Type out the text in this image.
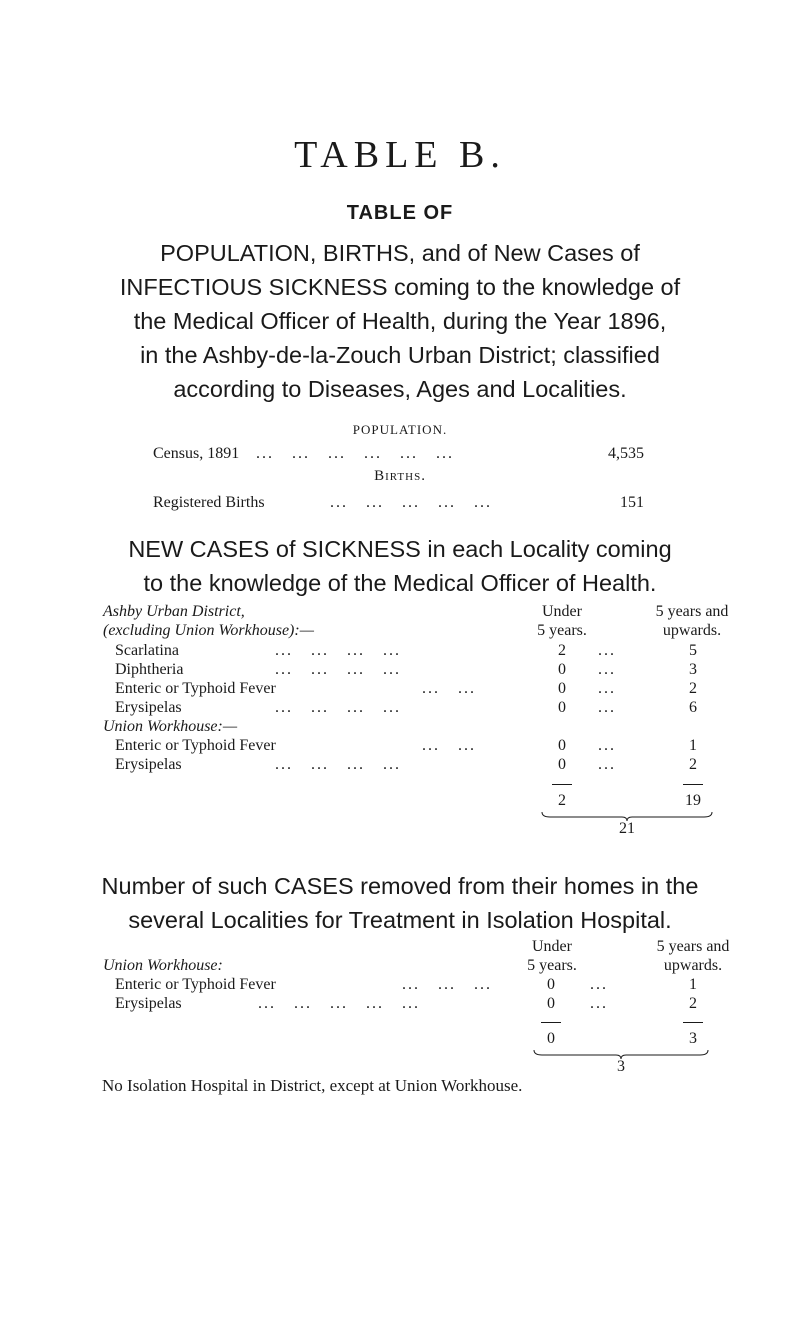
TABLE B.
TABLE OF
POPULATION, BIRTHS, and of New Cases of
INFECTIOUS SICKNESS coming to the knowledge of
the Medical Officer of Health, during the Year 1896,
in the Ashby-de-la-Zouch Urban District; classified
according to Diseases, Ages and Localities.
POPULATION.
Census, 1891 ...   ...   ...   ...   ...   ...	4,535
Births.
Registered Births	...   ...   ...   ...   ...	151
NEW CASES of SICKNESS in each Locality coming
to the knowledge of the Medical Officer of Health.
Ashby Urban District,
(excluding Union Workhouse):—
Under
5 years.
5 years and
upwards.
Scarlatina	...   ...   ...   ...	2	...	5
Diphtheria	...   ...   ...   ...	0	...	3
Enteric or Typhoid Fever	...   ...	0	...	2
Erysipelas	...   ...   ...   ...	0	...	6
Union Workhouse:—
Enteric or Typhoid Fever	...   ...	0	...	1
Erysipelas	...   ...   ...   ...	0	...	2
2	19
21
Number of such CASES removed from their homes in the
several Localities for Treatment in Isolation Hospital.
Under
5 years.
5 years and
upwards.
Union Workhouse:
Enteric or Typhoid Fever	...   ...   ...	0	...	1
Erysipelas	...   ...   ...   ...   ...	0	...	2
0	3
3
No Isolation Hospital in District, except at Union Workhouse.
